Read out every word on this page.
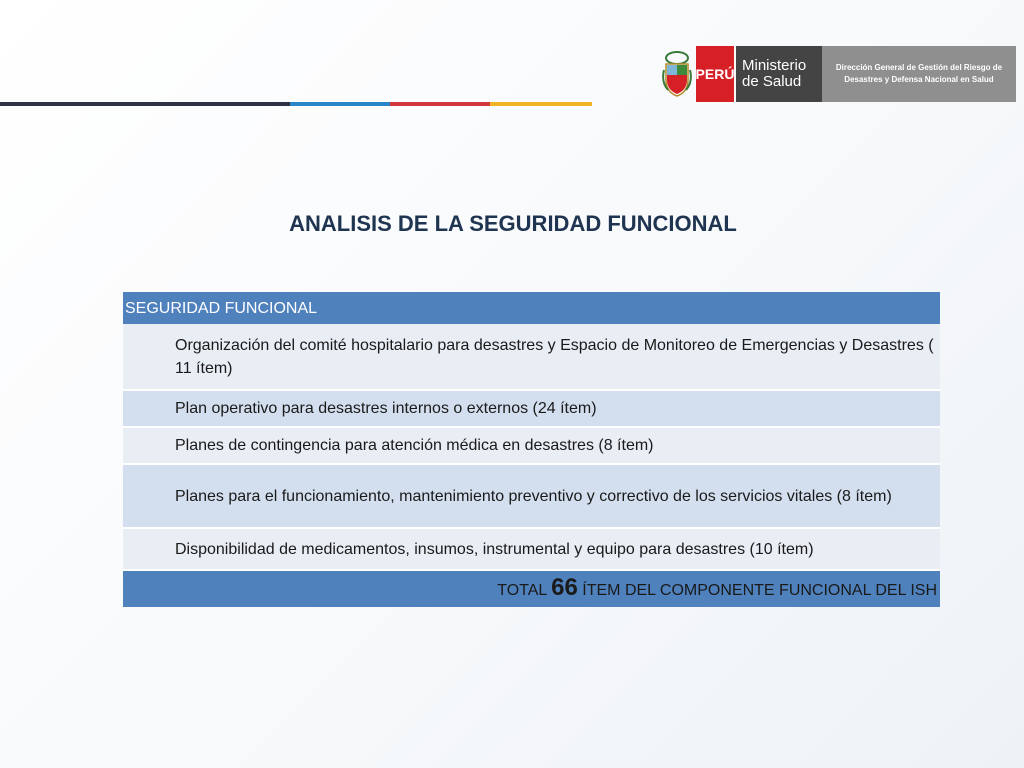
PERÚ Ministerio
de Salud
Dirección General de Gestión del Riesgo de Desastres y Defensa Nacional en Salud
ANALISIS DE LA SEGURIDAD FUNCIONAL
SEGURIDAD FUNCIONAL
Organización del comité hospitalario para desastres y Espacio de Monitoreo de Emergencias y Desastres ( 11 ítem)
Plan operativo para desastres internos o externos (24 ítem)
Planes de contingencia para atención médica en desastres (8 ítem)
Planes para el funcionamiento, mantenimiento preventivo y correctivo de los servicios vitales (8 ítem)
Disponibilidad de medicamentos, insumos, instrumental y equipo para desastres (10 ítem)
TOTAL 66 ÍTEM DEL COMPONENTE FUNCIONAL DEL ISH
